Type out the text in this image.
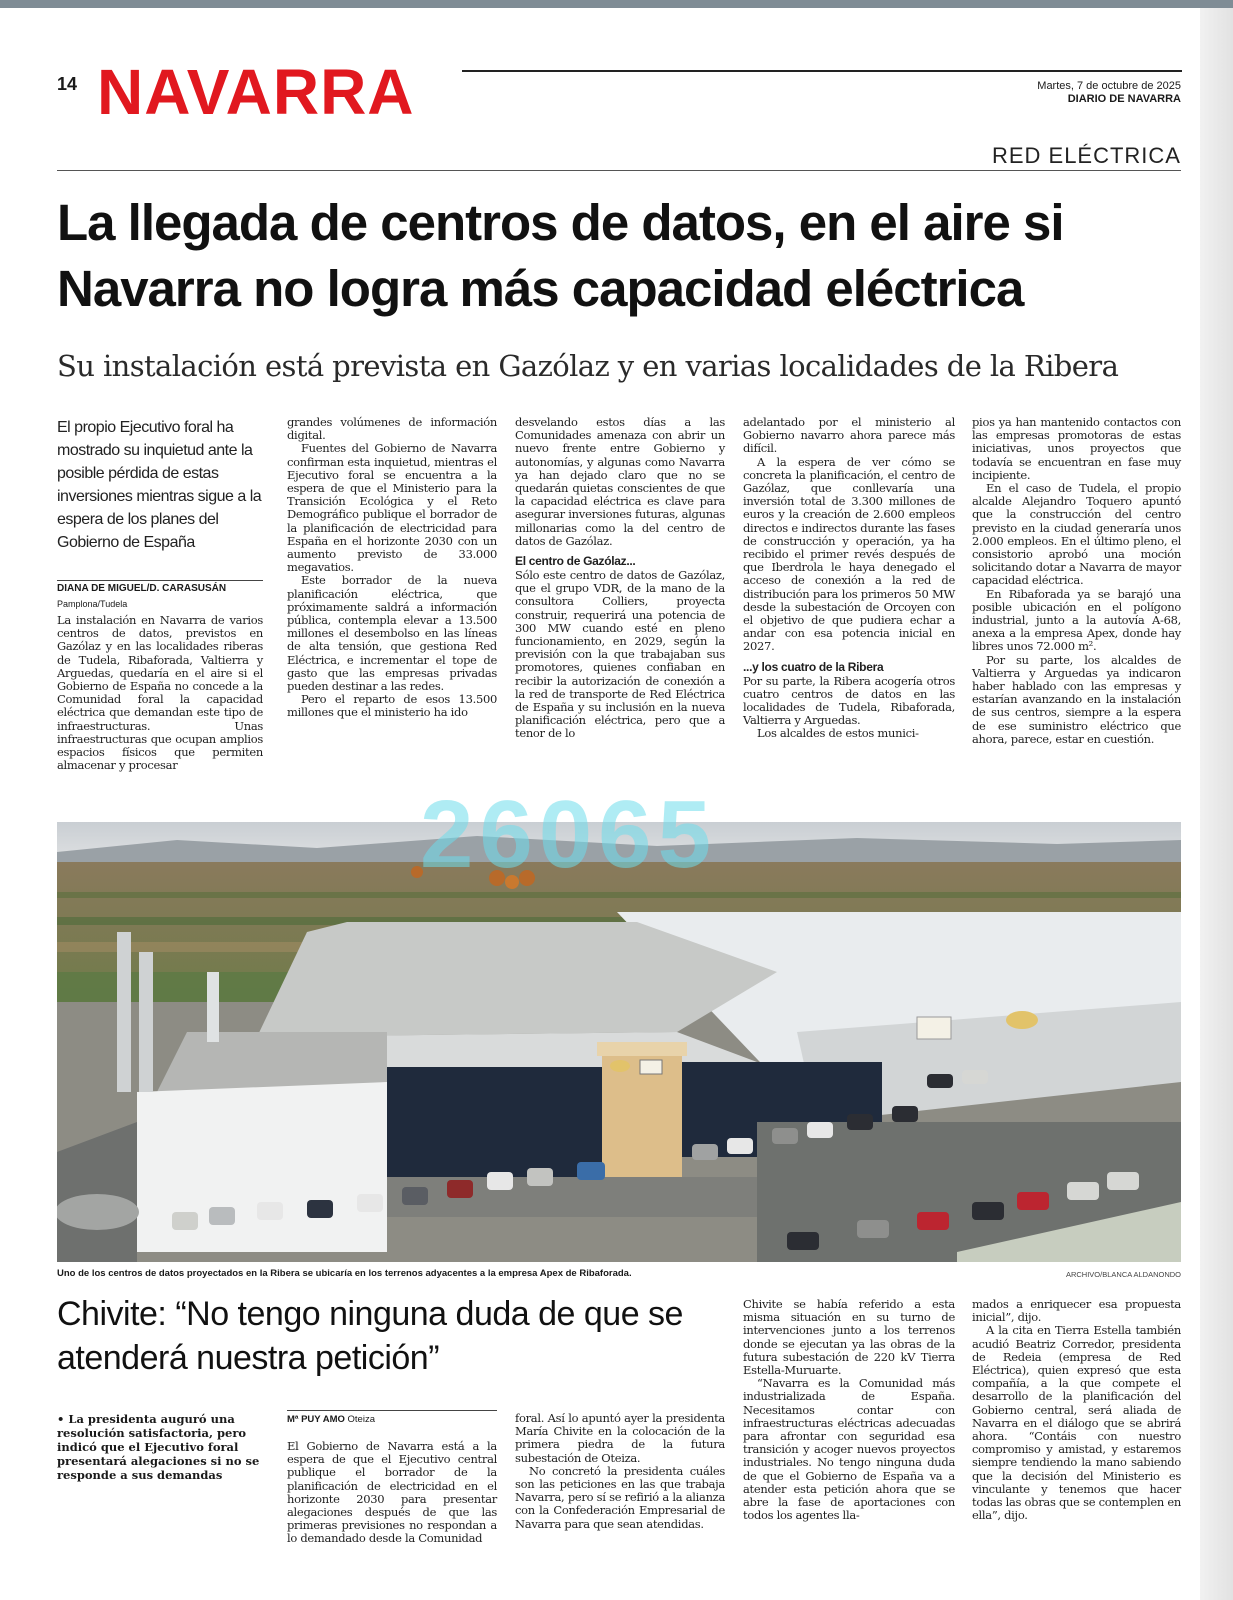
14 NAVARRA	Martes, 7 de octubre de 2025
DIARIO DE NAVARRA
RED ELÉCTRICA
La llegada de centros de datos, en el aire si Navarra no logra más capacidad eléctrica
Su instalación está prevista en Gazólaz y en varias localidades de la Ribera

El propio Ejecutivo foral ha mostrado su inquietud ante la posible pérdida de estas inversiones mientras sigue a la espera de los planes del Gobierno de España

DIANA DE MIGUEL/D. CARASUSÁN
Pamplona/Tudela

La instalación en Navarra de varios centros de datos, previstos en Gazólaz y en las localidades riberas de Tudela, Ribaforada, Valtierra y Arguedas, quedaría en el aire si el Gobierno de España no concede a la Comunidad foral la capacidad eléctrica que demandan este tipo de infraestructuras. Unas infraestructuras que ocupan amplios espacios físicos que permiten almacenar y procesar

grandes volúmenes de información digital.

Fuentes del Gobierno de Navarra confirman esta inquietud, mientras el Ejecutivo foral se encuentra a la espera de que el Ministerio para la Transición Ecológica y el Reto Demográfico publique el borrador de la planificación de electricidad para España en el horizonte 2030 con un aumento previsto de 33.000 megavatios.

Este borrador de la nueva planificación eléctrica, que próximamente saldrá a información pública, contempla elevar a 13.500 millones el desembolso en las líneas de alta tensión, que gestiona Red Eléctrica, e incrementar el tope de gasto que las empresas privadas pueden destinar a las redes.

Pero el reparto de esos 13.500 millones que el ministerio ha ido

desvelando estos días a las Comunidades amenaza con abrir un nuevo frente entre Gobierno y autonomías, y algunas como Navarra ya han dejado claro que no se quedarán quietas conscientes de que la capacidad eléctrica es clave para asegurar inversiones futuras, algunas millonarias como la del centro de datos de Gazólaz.

El centro de Gazólaz...

Sólo este centro de datos de Gazólaz, que el grupo VDR, de la mano de la consultora Colliers, proyecta construir, requerirá una potencia de 300 MW cuando esté en pleno funcionamiento, en 2029, según la previsión con la que trabajaban sus promotores, quienes confiaban en recibir la autorización de conexión a la red de transporte de Red Eléctrica de España y su inclusión en la nueva planificación eléctrica, pero que a tenor de lo

adelantado por el ministerio al Gobierno navarro ahora parece más difícil.

A la espera de ver cómo se concreta la planificación, el centro de Gazólaz, que conllevaría una inversión total de 3.300 millones de euros y la creación de 2.600 empleos directos e indirectos durante las fases de construcción y operación, ya ha recibido el primer revés después de que Iberdrola le haya denegado el acceso de conexión a la red de distribución para los primeros 50 MW desde la subestación de Orcoyen con el objetivo de que pudiera echar a andar con esa potencia inicial en 2027.

...y los cuatro de la Ribera

Por su parte, la Ribera acogería otros cuatro centros de datos en las localidades de Tudela, Ribaforada, Valtierra y Arguedas.

Los alcaldes de estos munici-

pios ya han mantenido contactos con las empresas promotoras de estas iniciativas, unos proyectos que todavía se encuentran en fase muy incipiente.

En el caso de Tudela, el propio alcalde Alejandro Toquero apuntó que la construcción del centro previsto en la ciudad generaría unos 2.000 empleos. En el último pleno, el consistorio aprobó una moción solicitando dotar a Navarra de mayor capacidad eléctrica.

En Ribaforada ya se barajó una posible ubicación en el polígono industrial, junto a la autovía A-68, anexa a la empresa Apex, donde hay libres unos 72.000 m².

Por su parte, los alcaldes de Valtierra y Arguedas ya indicaron haber hablado con las empresas y estarían avanzando en la instalación de sus centros, siempre a la espera de ese suministro eléctrico que ahora, parece, estar en cuestión.

26065
Uno de los centros de datos proyectados en la Ribera se ubicaría en los terrenos adyacentes a la empresa Apex de Ribaforada.	ARCHIVO/BLANCA ALDANONDO
Chivite: “No tengo ninguna duda de que se atenderá nuestra petición”

• La presidenta auguró una resolución satisfactoria, pero indicó que el Ejecutivo foral presentará alegaciones si no se responde a sus demandas

Mª PUY AMO Oteiza

El Gobierno de Navarra está a la espera de que el Ejecutivo central publique el borrador de la planificación de electricidad en el horizonte 2030 para presentar alegaciones después de que las primeras previsiones no respondan a lo demandado desde la Comunidad

foral. Así lo apuntó ayer la presidenta María Chivite en la colocación de la primera piedra de la futura subestación de Oteiza.

No concretó la presidenta cuáles son las peticiones en las que trabaja Navarra, pero sí se refirió a la alianza con la Confederación Empresarial de Navarra para que sean atendidas.

Chivite se había referido a esta misma situación en su turno de intervenciones junto a los terrenos donde se ejecutan ya las obras de la futura subestación de 220 kV Tierra Estella-Muruarte.

“Navarra es la Comunidad más industrializada de España. Necesitamos contar con infraestructuras eléctricas adecuadas para afrontar con seguridad esa transición y acoger nuevos proyectos industriales. No tengo ninguna duda de que el Gobierno de España va a atender esta petición ahora que se abre la fase de aportaciones con todos los agentes lla-

mados a enriquecer esa propuesta inicial”, dijo.

A la cita en Tierra Estella también acudió Beatriz Corredor, presidenta de Redeia (empresa de Red Eléctrica), quien expresó que esta compañía, a la que compete el desarrollo de la planificación del Gobierno central, será aliada de Navarra en el diálogo que se abrirá ahora. “Contáis con nuestro compromiso y amistad, y estaremos siempre tendiendo la mano sabiendo que la decisión del Ministerio es vinculante y tenemos que hacer todas las obras que se contemplen en ella”, dijo.
